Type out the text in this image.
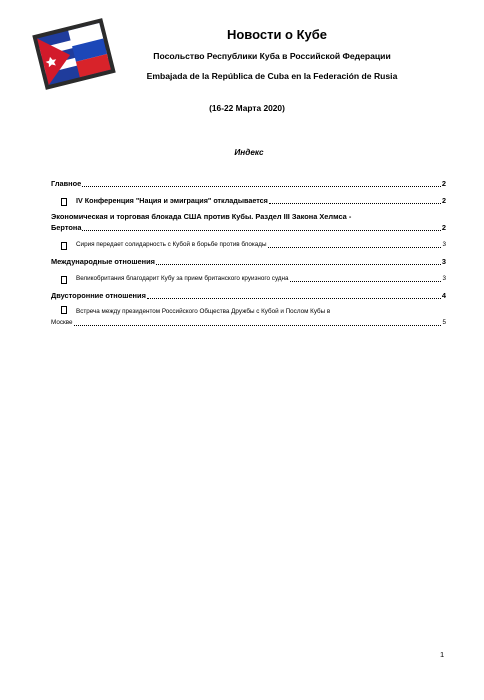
Новости о Кубе
Посольство Республики Куба в Российской Федерации
Embajada de la República de Cuba en la Federación de Rusia
(16-22 Марта 2020)
Индекс
Главное	2
IV Конференция "Нация и эмиграция" откладывается	2
Экономическая и торговая блокада США против Кубы. Раздел III Закона Хелмса -
Бертона	2
Сирия передает солидарность с Кубой в борьбе против блокады	3
Международные отношения	3
Великобритания благодарит Кубу за прием британского круизного судна	3
Двусторонние отношения	4
Встреча между президентом Российского Общества Дружбы с Кубой и Послом Кубы в
Москве	5
1
